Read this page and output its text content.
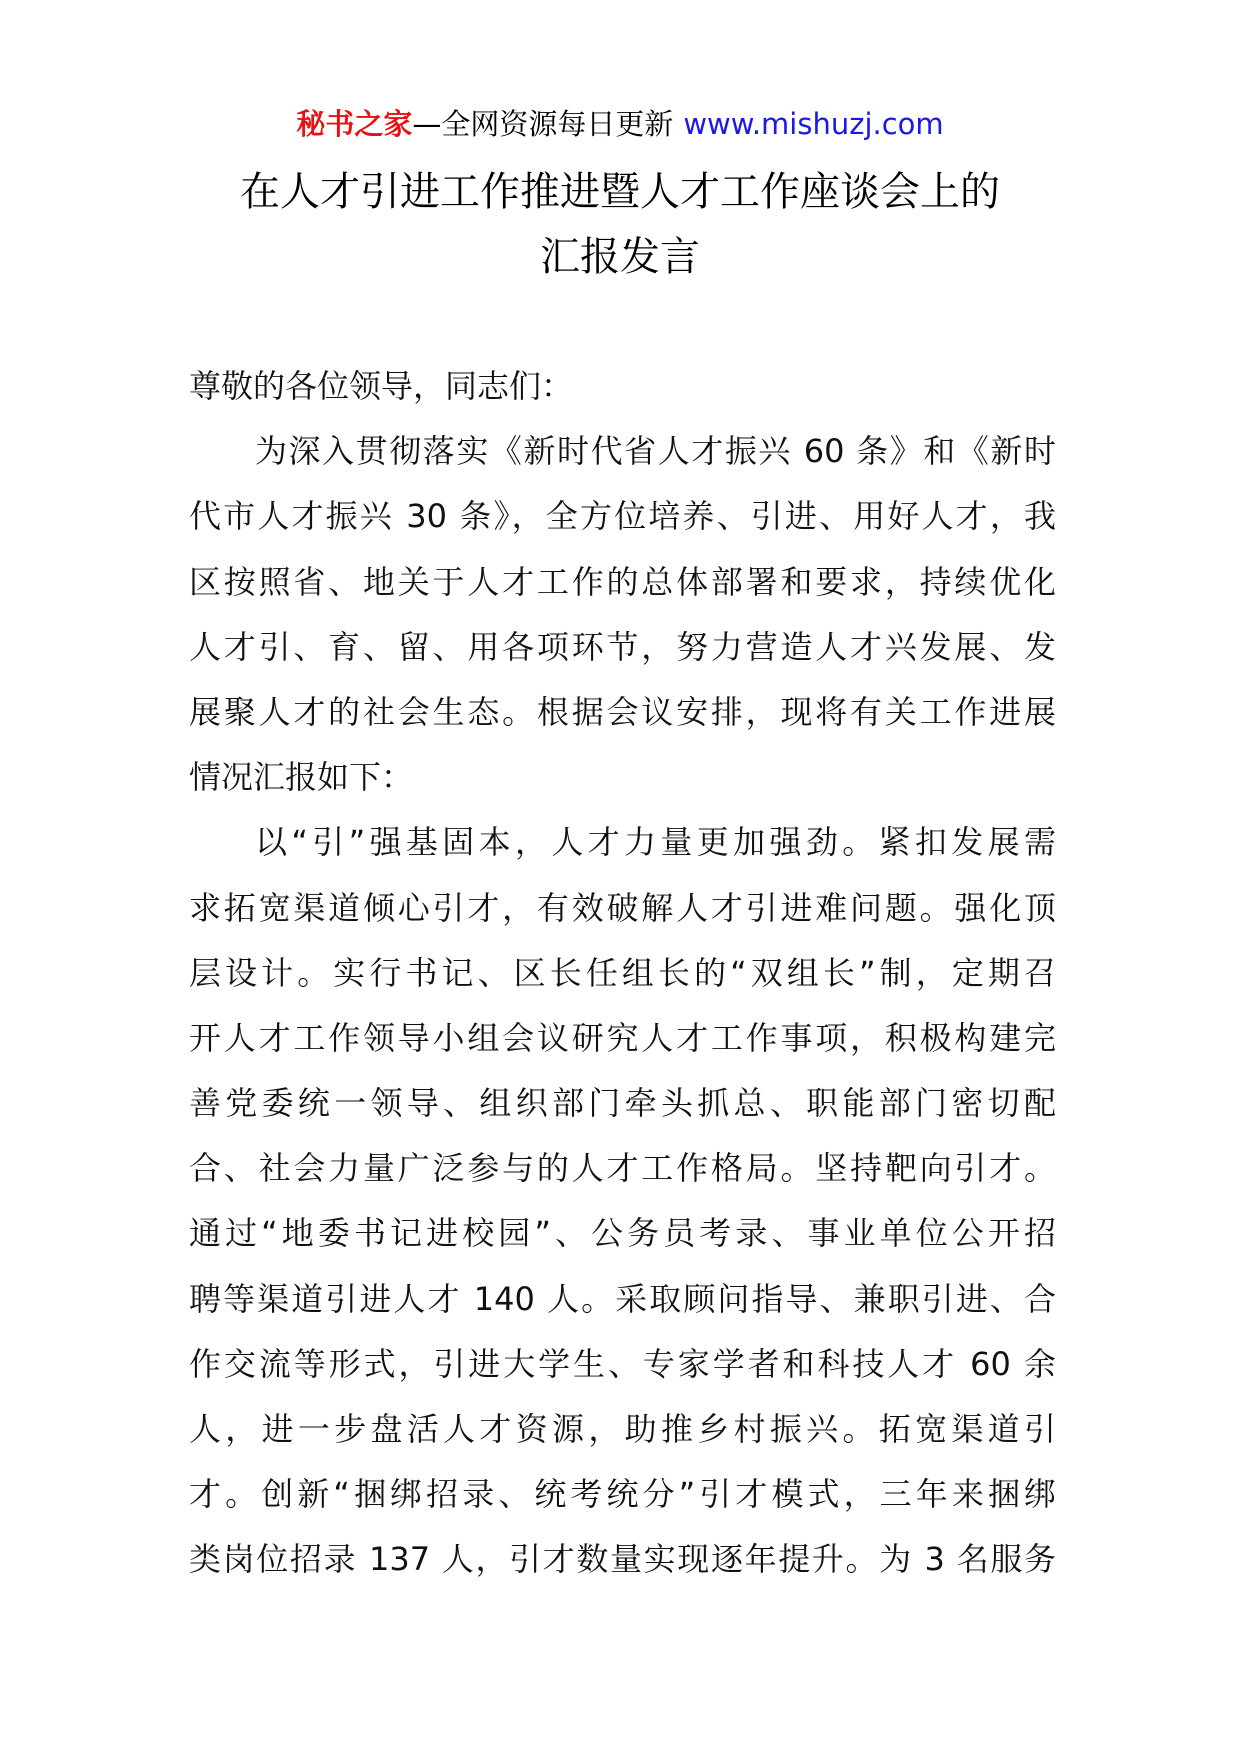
秘书之家—全网资源每日更新 www.mishuzj.com
在人才引进工作推进暨人才工作座谈会上的
汇报发言
尊敬的各位领导，同志们：
为深入贯彻落实《新时代省人才振兴 60 条》和《新时
代市人才振兴 30 条》，全方位培养、引进、用好人才，我
区按照省、地关于人才工作的总体部署和要求，持续优化
人才引、育、留、用各项环节，努力营造人才兴发展、发
展聚人才的社会生态。根据会议安排，现将有关工作进展
情况汇报如下：
以“引”强基固本，人才力量更加强劲。紧扣发展需
求拓宽渠道倾心引才，有效破解人才引进难问题。强化顶
层设计。实行书记、区长任组长的“双组长”制，定期召
开人才工作领导小组会议研究人才工作事项，积极构建完
善党委统一领导、组织部门牵头抓总、职能部门密切配
合、社会力量广泛参与的人才工作格局。坚持靶向引才。
通过“地委书记进校园”、公务员考录、事业单位公开招
聘等渠道引进人才 140 人。采取顾问指导、兼职引进、合
作交流等形式，引进大学生、专家学者和科技人才 60 余
人，进一步盘活人才资源，助推乡村振兴。拓宽渠道引
才。创新“捆绑招录、统考统分”引才模式，三年来捆绑
类岗位招录 137 人，引才数量实现逐年提升。为 3 名服务
